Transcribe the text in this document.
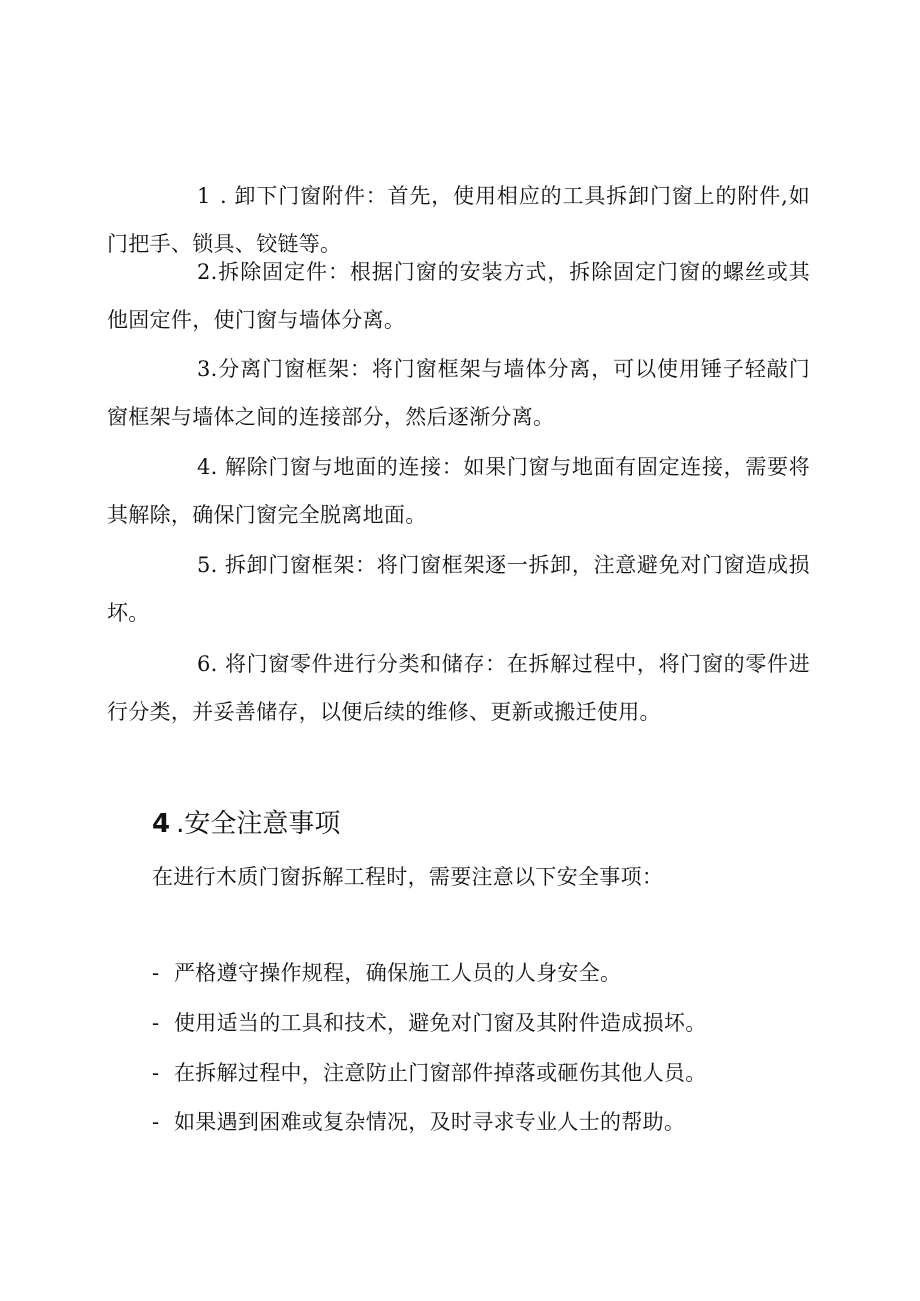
1 . 卸下门窗附件：首先，使用相应的工具拆卸门窗上的附件,如门把手、锁具、铰链等。

2.拆除固定件：根据门窗的安装方式，拆除固定门窗的螺丝或其他固定件，使门窗与墙体分离。

3.分离门窗框架：将门窗框架与墙体分离，可以使用锤子轻敲门窗框架与墙体之间的连接部分，然后逐渐分离。

4. 解除门窗与地面的连接：如果门窗与地面有固定连接，需要将其解除，确保门窗完全脱离地面。

5. 拆卸门窗框架：将门窗框架逐一拆卸，注意避免对门窗造成损坏。

6. 将门窗零件进行分类和储存：在拆解过程中，将门窗的零件进行分类，并妥善储存，以便后续的维修、更新或搬迁使用。

4 .安全注意事项
在进行木质门窗拆解工程时，需要注意以下安全事项：
- 严格遵守操作规程，确保施工人员的人身安全。
- 使用适当的工具和技术，避免对门窗及其附件造成损坏。
- 在拆解过程中，注意防止门窗部件掉落或砸伤其他人员。
- 如果遇到困难或复杂情况，及时寻求专业人士的帮助。
